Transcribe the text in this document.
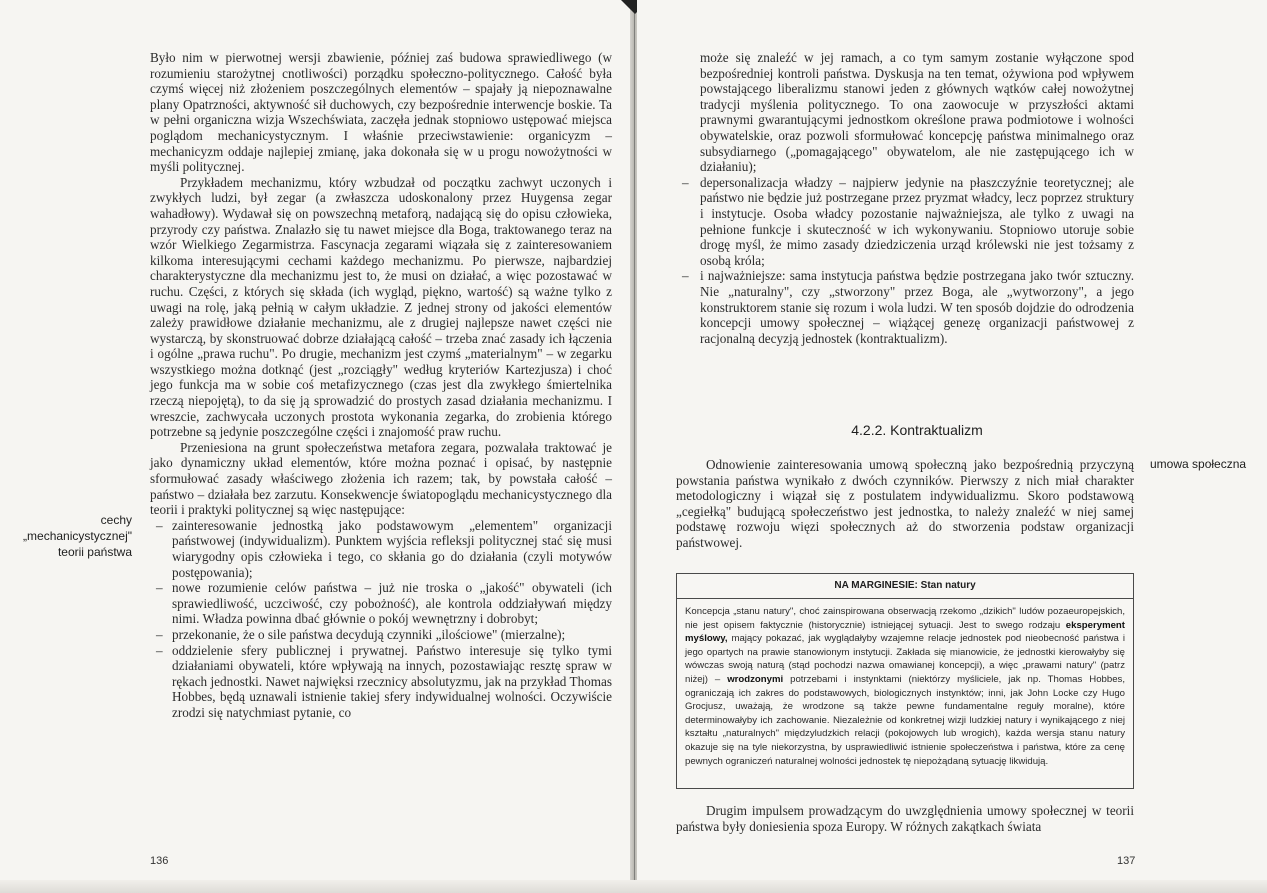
Było nim w pierwotnej wersji zbawienie, później zaś budowa sprawiedliwego (w rozumieniu starożytnej cnotliwości) porządku społeczno-politycznego. Całość była czymś więcej niż złożeniem poszczególnych elementów – spajały ją niepoznawalne plany Opatrzności, aktywność sił duchowych, czy bezpośrednie interwencje boskie. Ta w pełni organiczna wizja Wszechświata, zaczęła jednak stopniowo ustępować miejsca poglądom mechanicystycznym. I właśnie przeciwstawienie: organicyzm – mechanicyzm oddaje najlepiej zmianę, jaka dokonała się w u progu nowożytności w myśli politycznej.

Przykładem mechanizmu, który wzbudzał od początku zachwyt uczonych i zwykłych ludzi, był zegar (a zwłaszcza udoskonalony przez Huygensa zegar wahadłowy). Wydawał się on powszechną metaforą, nadającą się do opisu człowieka, przyrody czy państwa. Znalazło się tu nawet miejsce dla Boga, traktowanego teraz na wzór Wielkiego Zegarmistrza. Fascynacja zegarami wiązała się z zainteresowaniem kilkoma interesującymi cechami każdego mechanizmu. Po pierwsze, najbardziej charakterystyczne dla mechanizmu jest to, że musi on działać, a więc pozostawać w ruchu. Części, z których się składa (ich wygląd, piękno, wartość) są ważne tylko z uwagi na rolę, jaką pełnią w całym układzie. Z jednej strony od jakości elementów zależy prawidłowe działanie mechanizmu, ale z drugiej najlepsze nawet części nie wystarczą, by skonstruować dobrze działającą całość – trzeba znać zasady ich łączenia i ogólne „prawa ruchu". Po drugie, mechanizm jest czymś „materialnym" – w zegarku wszystkiego można dotknąć (jest „rozciągły" według kryteriów Kartezjusza) i choć jego funkcja ma w sobie coś metafizycznego (czas jest dla zwykłego śmiertelnika rzeczą niepojętą), to da się ją sprowadzić do prostych zasad działania mechanizmu. I wreszcie, zachwycała uczonych prostota wykonania zegarka, do zrobienia którego potrzebne są jedynie poszczególne części i znajomość praw ruchu.

Przeniesiona na grunt społeczeństwa metafora zegara, pozwalała traktować je jako dynamiczny układ elementów, które można poznać i opisać, by następnie sformułować zasady właściwego złożenia ich razem; tak, by powstała całość – państwo – działała bez zarzutu. Konsekwencje światopoglądu mechanicystycznego dla teorii i praktyki politycznej są więc następujące:

– zainteresowanie jednostką jako podstawowym „elementem" organizacji państwowej (indywidualizm). Punktem wyjścia refleksji politycznej stać się musi wiarygodny opis człowieka i tego, co skłania go do działania (czyli motywów postępowania);
– nowe rozumienie celów państwa – już nie troska o „jakość" obywateli (ich sprawiedliwość, uczciwość, czy pobożność), ale kontrola oddziaływań między nimi. Władza powinna dbać głównie o pokój wewnętrzny i dobrobyt;
– przekonanie, że o sile państwa decydują czynniki „ilościowe" (mierzalne);
– oddzielenie sfery publicznej i prywatnej. Państwo interesuje się tylko tymi działaniami obywateli, które wpływają na innych, pozostawiając resztę spraw w rękach jednostki. Nawet najwięksi rzecznicy absolutyzmu, jak na przykład Thomas Hobbes, będą uznawali istnienie takiej sfery indywidualnej wolności. Oczywiście zrodzi się natychmiast pytanie, co
cechy „mechanicystycznej" teorii państwa
136

może się znaleźć w jej ramach, a co tym samym zostanie wyłączone spod bezpośredniej kontroli państwa. Dyskusja na ten temat, ożywiona pod wpływem powstającego liberalizmu stanowi jeden z głównych wątków całej nowożytnej tradycji myślenia politycznego. To ona zaowocuje w przyszłości aktami prawnymi gwarantującymi jednostkom określone prawa podmiotowe i wolności obywatelskie, oraz pozwoli sformułować koncepcję państwa minimalnego oraz subsydiarnego („pomagającego" obywatelom, ale nie zastępującego ich w działaniu);

– depersonalizacja władzy – najpierw jedynie na płaszczyźnie teoretycznej; ale państwo nie będzie już postrzegane przez pryzmat władcy, lecz poprzez struktury i instytucje. Osoba władcy pozostanie najważniejsza, ale tylko z uwagi na pełnione funkcje i skuteczność w ich wykonywaniu. Stopniowo utoruje sobie drogę myśl, że mimo zasady dziedziczenia urząd królewski nie jest tożsamy z osobą króla;
– i najważniejsze: sama instytucja państwa będzie postrzegana jako twór sztuczny. Nie „naturalny", czy „stworzony" przez Boga, ale „wytworzony", a jego konstruktorem stanie się rozum i wola ludzi. W ten sposób dojdzie do odrodzenia koncepcji umowy społecznej – wiążącej genezę organizacji państwowej z racjonalną decyzją jednostek (kontraktualizm).
4.2.2. Kontraktualizm

Odnowienie zainteresowania umową społeczną jako bezpośrednią przyczyną powstania państwa wynikało z dwóch czynników. Pierwszy z nich miał charakter metodologiczny i wiązał się z postulatem indywidualizmu. Skoro podstawową „cegiełką" budującą społeczeństwo jest jednostka, to należy znaleźć w niej samej podstawę rozwoju więzi społecznych aż do stworzenia podstaw organizacji państwowej.

umowa społeczna
NA MARGINESIE: Stan natury
Koncepcja „stanu natury", choć zainspirowana obserwacją rzekomo „dzikich" ludów pozaeuropejskich, nie jest opisem faktycznie (historycznie) istniejącej sytuacji. Jest to swego rodzaju eksperyment myślowy, mający pokazać, jak wyglądałyby wzajemne relacje jednostek pod nieobecność państwa i jego opartych na prawie stanowionym instytucji. Zakłada się mianowicie, że jednostki kierowałyby się wówczas swoją naturą (stąd pochodzi nazwa omawianej koncepcji), a więc „prawami natury" (patrz niżej) – wrodzonymi potrzebami i instynktami (niektórzy myśliciele, jak np. Thomas Hobbes, ograniczają ich zakres do podstawowych, biologicznych instynktów; inni, jak John Locke czy Hugo Grocjusz, uważają, że wrodzone są także pewne fundamentalne reguły moralne), które determinowałyby ich zachowanie. Niezależnie od konkretnej wizji ludzkiej natury i wynikającego z niej kształtu „naturalnych" międzyludzkich relacji (pokojowych lub wrogich), każda wersja stanu natury okazuje się na tyle niekorzystna, by usprawiedliwić istnienie społeczeństwa i państwa, które za cenę pewnych ograniczeń naturalnej wolności jednostek tę niepożądaną sytuację likwidują.

Drugim impulsem prowadzącym do uwzględnienia umowy społecznej w teorii państwa były doniesienia spoza Europy. W różnych zakątkach świata

137
